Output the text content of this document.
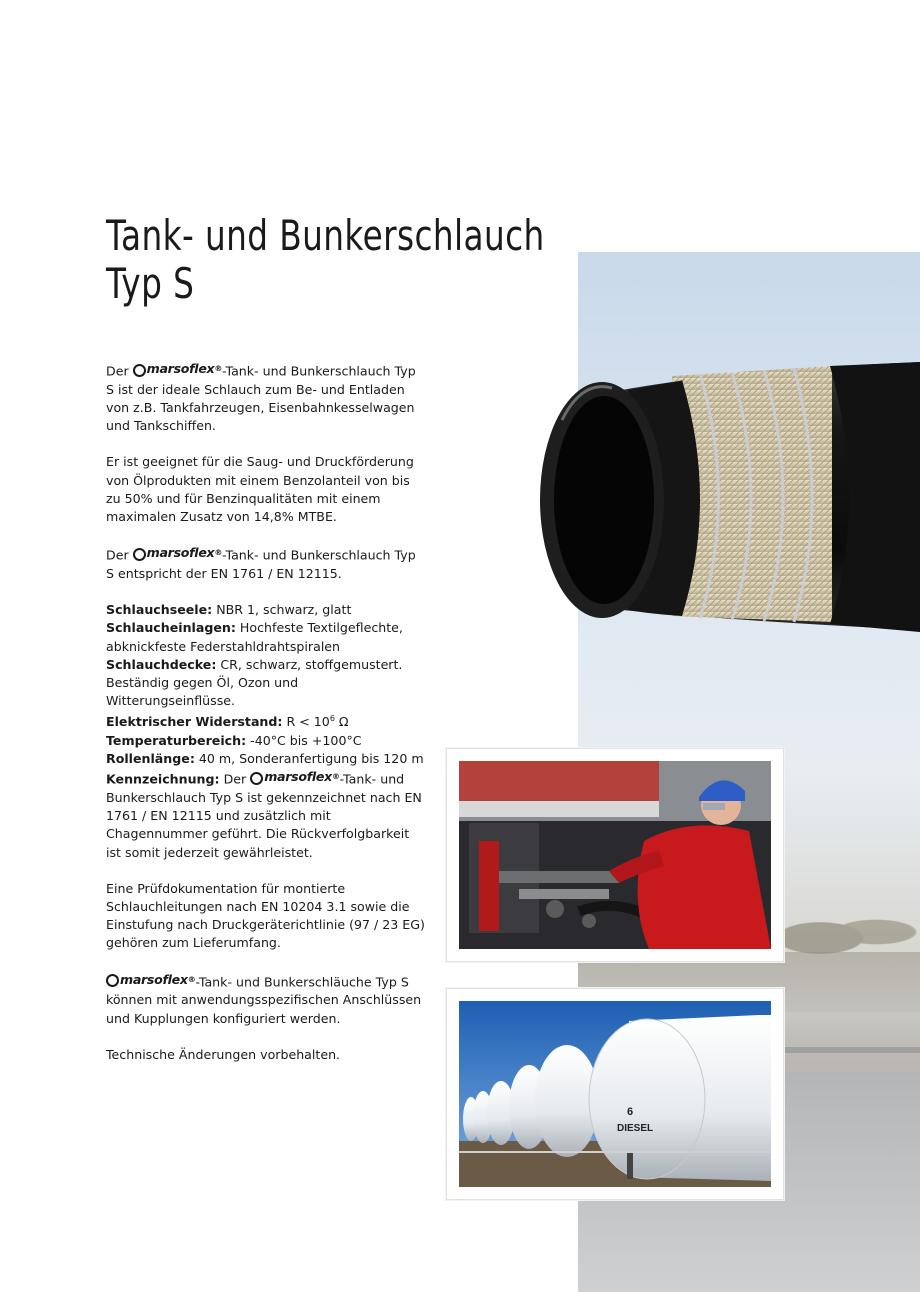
Tank- und Bunkerschlauch
Typ S

Der marsoflex ® -Tank- und Bunkerschlauch Typ S ist der ideale Schlauch zum Be- und Entladen von z.B. Tankfahrzeugen, Eisenbahnkesselwagen und Tankschiffen.

Er ist geeignet für die Saug- und Druckförderung von Ölprodukten mit einem Benzolanteil von bis zu 50% und für Benzinqualitäten mit einem maximalen Zusatz von 14,8% MTBE.

Der marsoflex ® -Tank- und Bunkerschlauch Typ S entspricht der EN 1761 / EN 12115.

Schlauchseele: NBR 1, schwarz, glatt
Schlaucheinlagen: Hochfeste Textilgeflechte, abknickfeste Federstahldrahtspiralen
Schlauchdecke: CR, schwarz, stoffgemustert. Beständig gegen Öl, Ozon und Witterungseinflüsse.
Elektrischer Widerstand: $R < 10^6$ Ω
Temperaturbereich: -40°C bis +100°C
Rollenlänge: 40 m, Sonderanfertigung bis 120 m
Kennzeichnung: Der marsoflex ® -Tank- und Bunkerschlauch Typ S ist gekennzeichnet nach EN 1761 / EN 12115 und zusätzlich mit Chagennummer geführt. Die Rückverfolgbarkeit ist somit jederzeit gewährleistet.

Eine Prüfdokumentation für montierte Schlauchleitungen nach EN 10204 3.1 sowie die Einstufung nach Druckgeräterichtlinie (97 / 23 EG) gehören zum Lieferumfang.

marsoflex ® -Tank- und Bunkerschläuche Typ S können mit anwendungsspezifischen Anschlüssen und Kupplungen konfiguriert werden.

Technische Änderungen vorbehalten.

6
DIESEL
